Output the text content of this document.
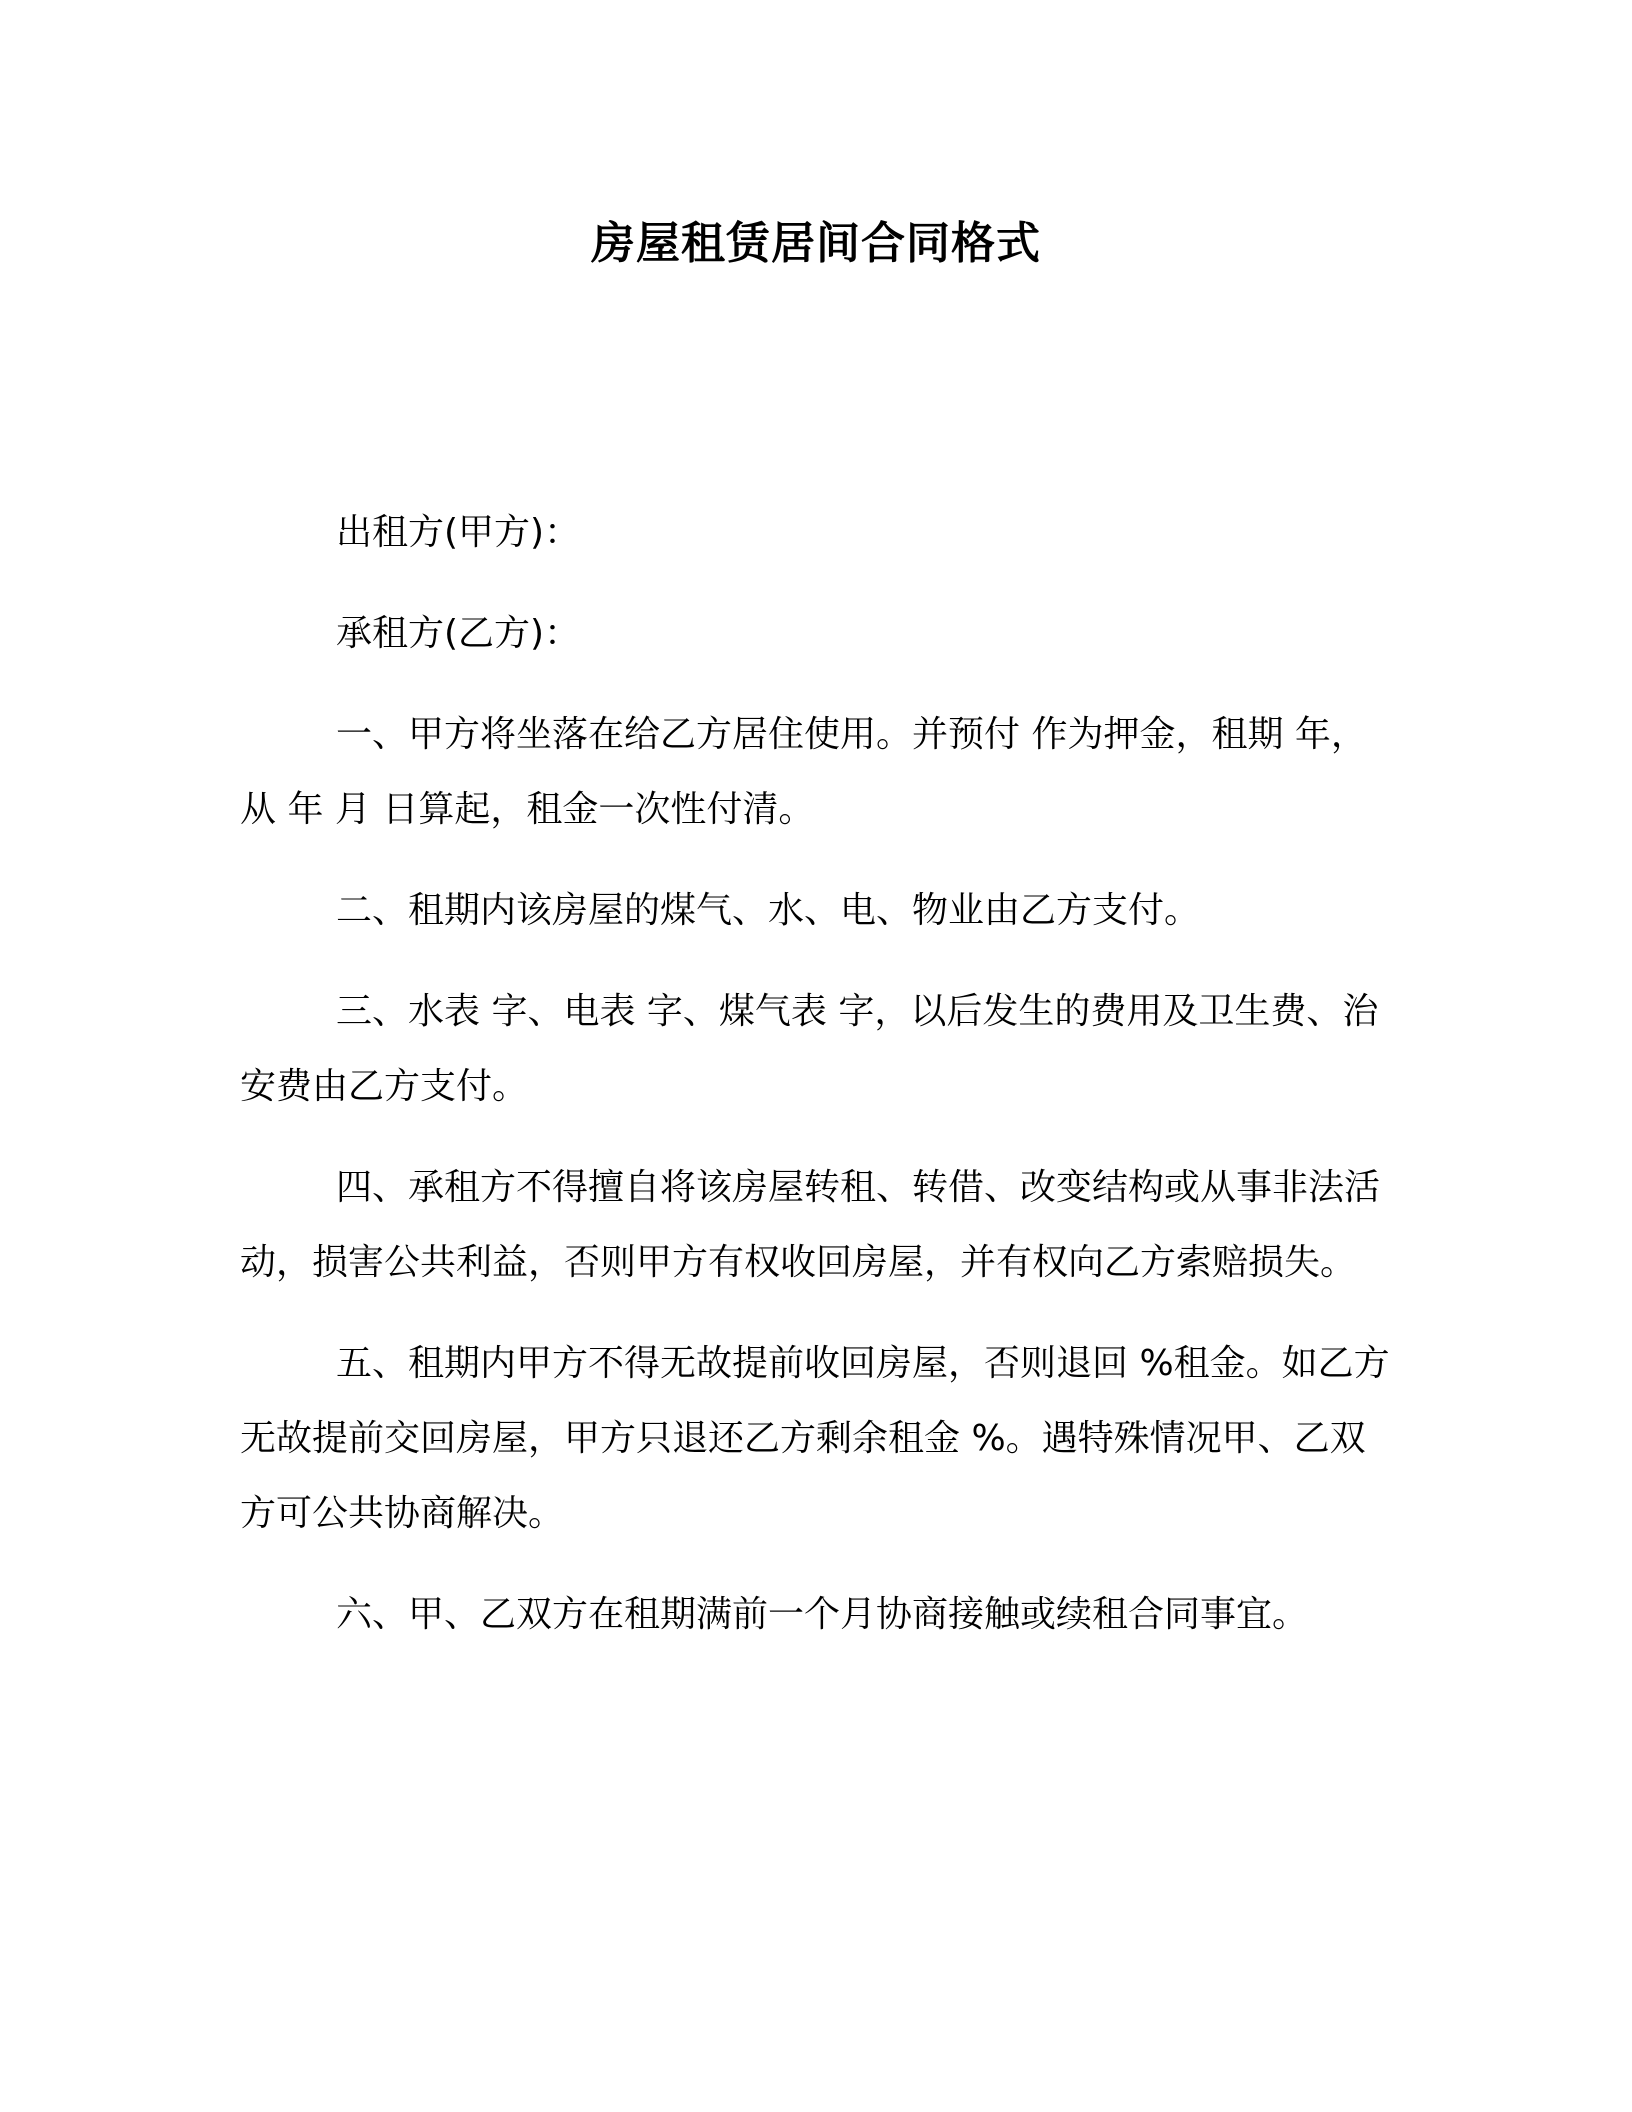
房屋租赁居间合同格式

出租方(甲方)：

承租方(乙方)：

一、甲方将坐落在给乙方居住使用。并预付 作为押金，租期 年，从 年 月 日算起，租金一次性付清。

二、租期内该房屋的煤气、水、电、物业由乙方支付。

三、水表 字、电表 字、煤气表 字，以后发生的费用及卫生费、治安费由乙方支付。

四、承租方不得擅自将该房屋转租、转借、改变结构或从事非法活动，损害公共利益，否则甲方有权收回房屋，并有权向乙方索赔损失。

五、租期内甲方不得无故提前收回房屋，否则退回 %租金。如乙方无故提前交回房屋，甲方只退还乙方剩余租金 %。遇特殊情况甲、乙双方可公共协商解决。

六、甲、乙双方在租期满前一个月协商接触或续租合同事宜。
